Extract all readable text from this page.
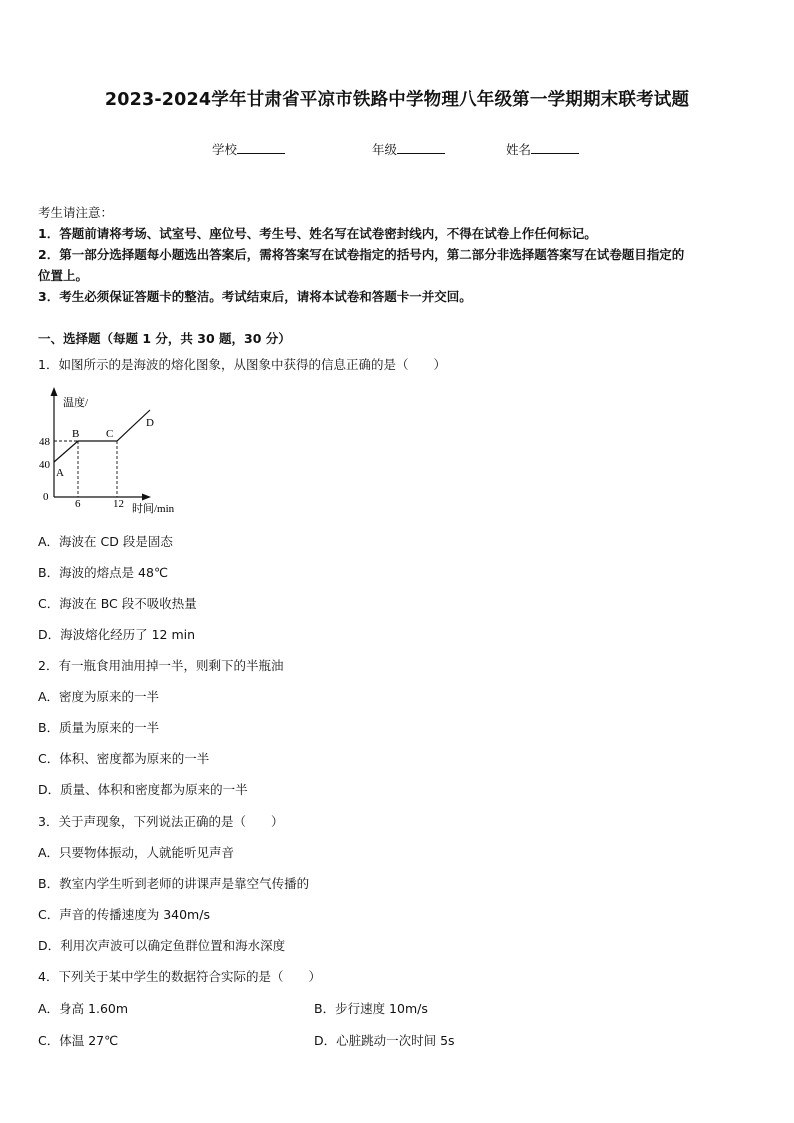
2023-2024学年甘肃省平凉市铁路中学物理八年级第一学期期末联考试题
学校	年级	姓名
考生请注意：
1．答题前请将考场、试室号、座位号、考生号、姓名写在试卷密封线内，不得在试卷上作任何标记。
2．第一部分选择题每小题选出答案后，需将答案写在试卷指定的括号内，第二部分非选择题答案写在试卷题目指定的
位置上。
3．考生必须保证答题卡的整洁。考试结束后，请将本试卷和答题卡一并交回。
一、选择题（每题 1 分，共 30 题，30 分）
1．如图所示的是海波的熔化图象，从图象中获得的信息正确的是（　　）
温度/
时间/min
0
48
40
6	12
A
B C
D
A．海波在 CD 段是固态
B．海波的熔点是 48℃
C．海波在 BC 段不吸收热量
D．海波熔化经历了 12 min
2．有一瓶食用油用掉一半，则剩下的半瓶油
A．密度为原来的一半
B．质量为原来的一半
C．体积、密度都为原来的一半
D．质量、体积和密度都为原来的一半
3．关于声现象，下列说法正确的是（　　）
A．只要物体振动，人就能听见声音
B．教室内学生听到老师的讲课声是靠空气传播的
C．声音的传播速度为 340m/s
D．利用次声波可以确定鱼群位置和海水深度
4．下列关于某中学生的数据符合实际的是（　　）
A．身高 1.60m	B．步行速度 10m/s
C．体温 27℃	D．心脏跳动一次时间 5s
